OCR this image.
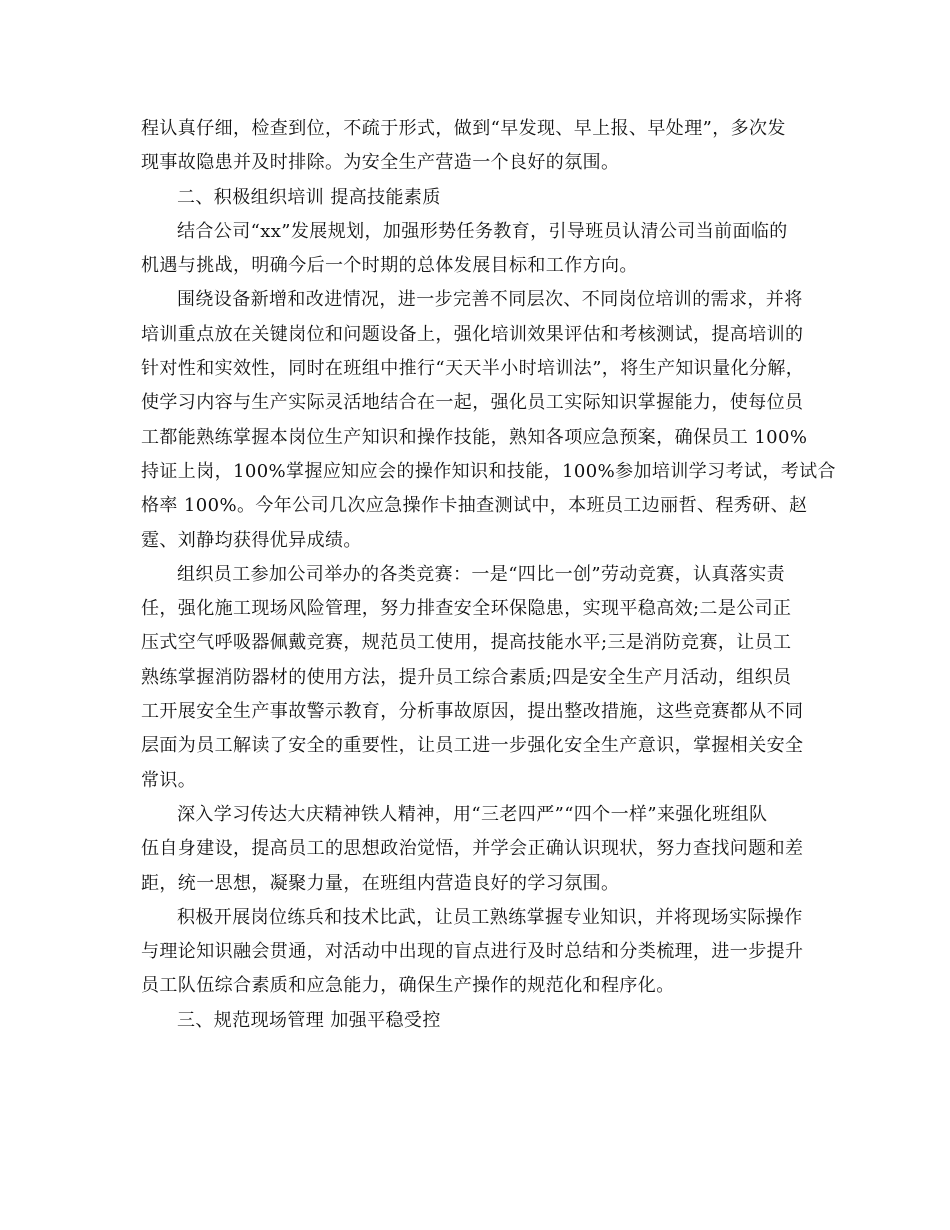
程认真仔细，检查到位，不疏于形式，做到“早发现、早上报、早处理”，多次发
现事故隐患并及时排除。为安全生产营造一个良好的氛围。
二、积极组织培训 提高技能素质
结合公司“xx”发展规划，加强形势任务教育，引导班员认清公司当前面临的
机遇与挑战，明确今后一个时期的总体发展目标和工作方向。
围绕设备新增和改进情况，进一步完善不同层次、不同岗位培训的需求，并将
培训重点放在关键岗位和问题设备上，强化培训效果评估和考核测试，提高培训的
针对性和实效性，同时在班组中推行“天天半小时培训法”，将生产知识量化分解，
使学习内容与生产实际灵活地结合在一起，强化员工实际知识掌握能力，使每位员
工都能熟练掌握本岗位生产知识和操作技能，熟知各项应急预案，确保员工 100%
持证上岗，100%掌握应知应会的操作知识和技能，100%参加培训学习考试，考试合
格率 100%。今年公司几次应急操作卡抽查测试中，本班员工边丽哲、程秀研、赵
霆、刘静均获得优异成绩。
组织员工参加公司举办的各类竞赛：一是“四比一创”劳动竞赛，认真落实责
任，强化施工现场风险管理，努力排查安全环保隐患，实现平稳高效;二是公司正
压式空气呼吸器佩戴竞赛，规范员工使用，提高技能水平;三是消防竞赛，让员工
熟练掌握消防器材的使用方法，提升员工综合素质;四是安全生产月活动，组织员
工开展安全生产事故警示教育，分析事故原因，提出整改措施，这些竞赛都从不同
层面为员工解读了安全的重要性，让员工进一步强化安全生产意识，掌握相关安全
常识。
深入学习传达大庆精神铁人精神，用“三老四严”“四个一样”来强化班组队
伍自身建设，提高员工的思想政治觉悟，并学会正确认识现状，努力查找问题和差
距，统一思想，凝聚力量，在班组内营造良好的学习氛围。
积极开展岗位练兵和技术比武，让员工熟练掌握专业知识，并将现场实际操作
与理论知识融会贯通，对活动中出现的盲点进行及时总结和分类梳理，进一步提升
员工队伍综合素质和应急能力，确保生产操作的规范化和程序化。
三、规范现场管理 加强平稳受控
